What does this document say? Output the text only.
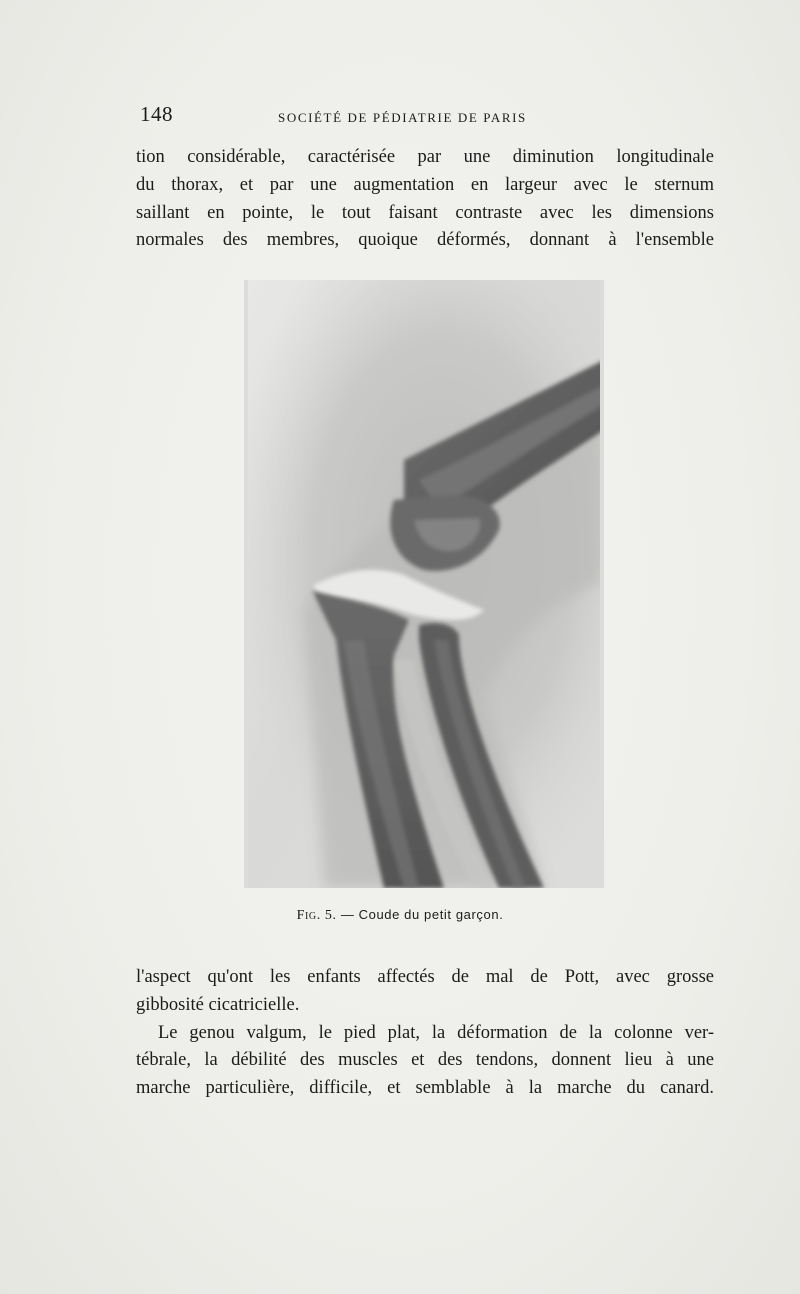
148	SOCIÉTÉ DE PÉDIATRIE DE PARIS
tion considérable, caractérisée par une diminution longitudinale
du thorax, et par une augmentation en largeur avec le sternum
saillant en pointe, le tout faisant contraste avec les dimensions
normales des membres, quoique déformés, donnant à l'ensemble
Fig. 5. — Coude du petit garçon.
l'aspect qu'ont les enfants affectés de mal de Pott, avec grosse
gibbosité cicatricielle.
Le genou valgum, le pied plat, la déformation de la colonne ver-
tébrale, la débilité des muscles et des tendons, donnent lieu à une
marche particulière, difficile, et semblable à la marche du canard.
